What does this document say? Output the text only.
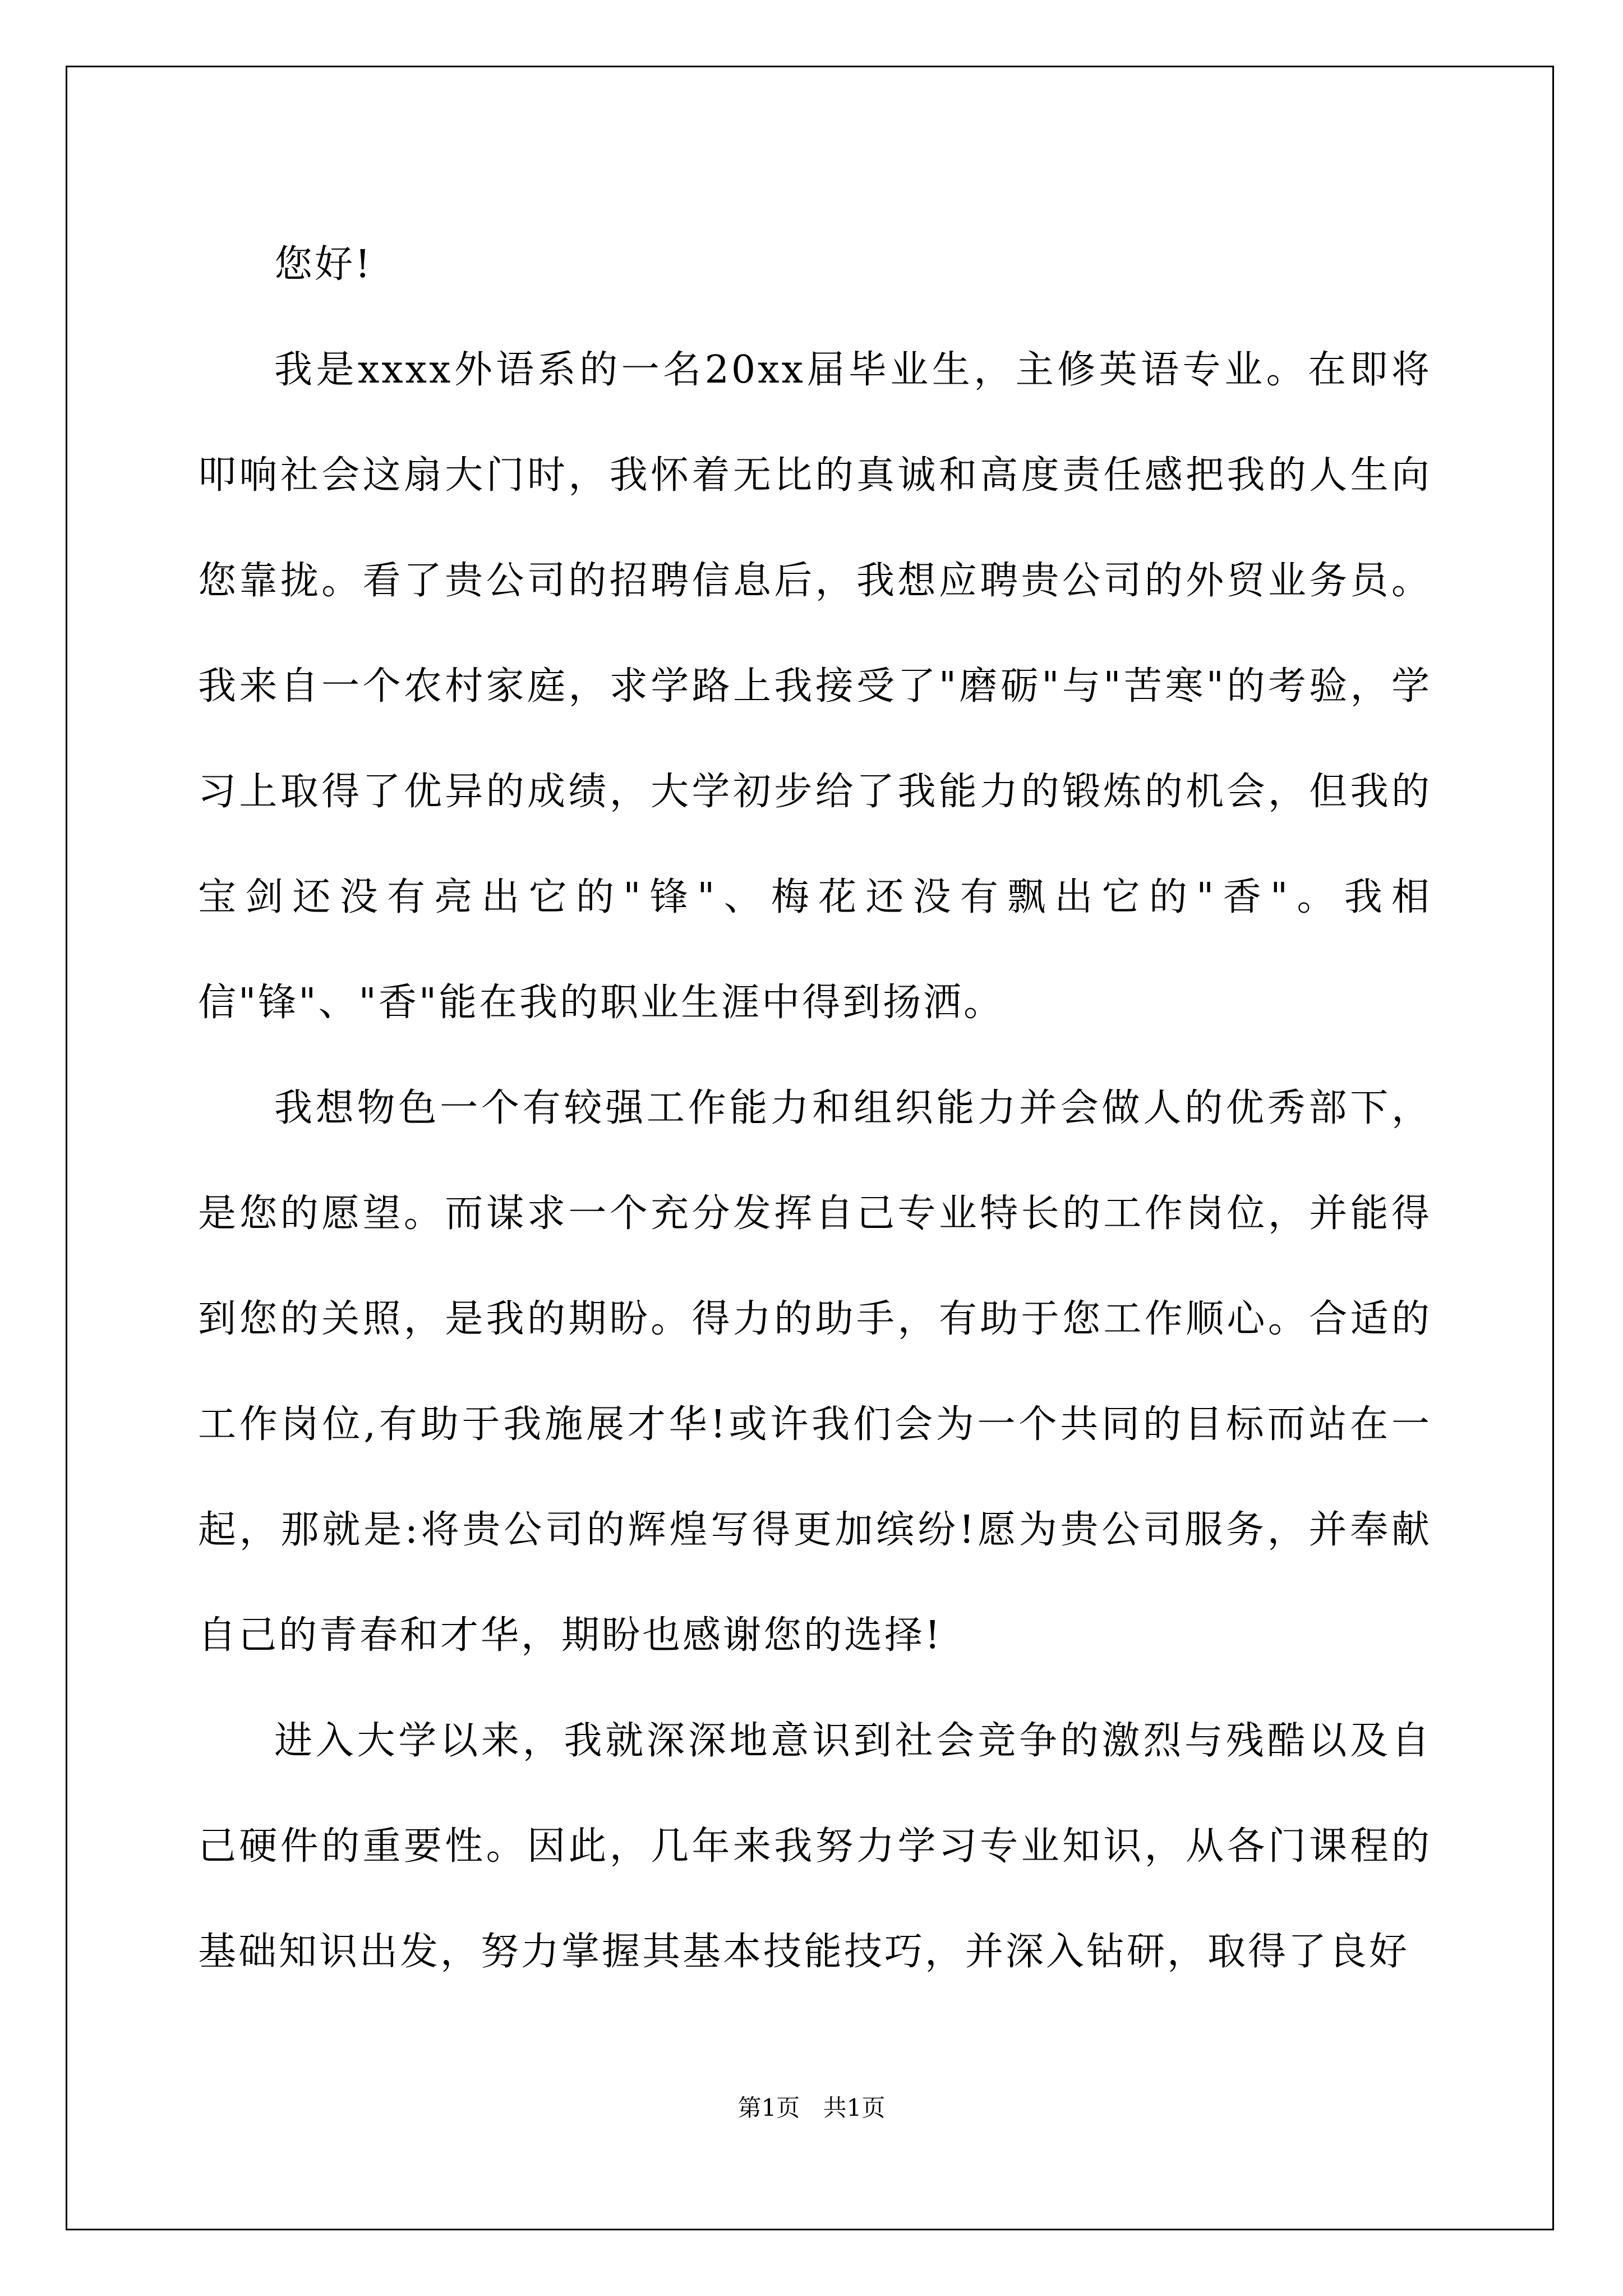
您好!

我是xxxx外语系的一名20xx届毕业生，主修英语专业。在即将叩响社会这扇大门时，我怀着无比的真诚和高度责任感把我的人生向您靠拢。看了贵公司的招聘信息后，我想应聘贵公司的外贸业务员。我来自一个农村家庭，求学路上我接受了"磨砺"与"苦寒"的考验，学习上取得了优异的成绩，大学初步给了我能力的锻炼的机会，但我的宝剑还没有亮出它的"锋"、梅花还没有飘出它的"香"。我相信"锋"、"香"能在我的职业生涯中得到扬洒。

我想物色一个有较强工作能力和组织能力并会做人的优秀部下，是您的愿望。而谋求一个充分发挥自己专业特长的工作岗位，并能得到您的关照，是我的期盼。得力的助手，有助于您工作顺心。合适的工作岗位,有助于我施展才华!或许我们会为一个共同的目标而站在一起，那就是:将贵公司的辉煌写得更加缤纷!愿为贵公司服务，并奉献自己的青春和才华，期盼也感谢您的选择!

进入大学以来，我就深深地意识到社会竞争的激烈与残酷以及自己硬件的重要性。因此，几年来我努力学习专业知识，从各门课程的基础知识出发，努力掌握其基本技能技巧，并深入钻研，取得了良好

第1页 共1页
